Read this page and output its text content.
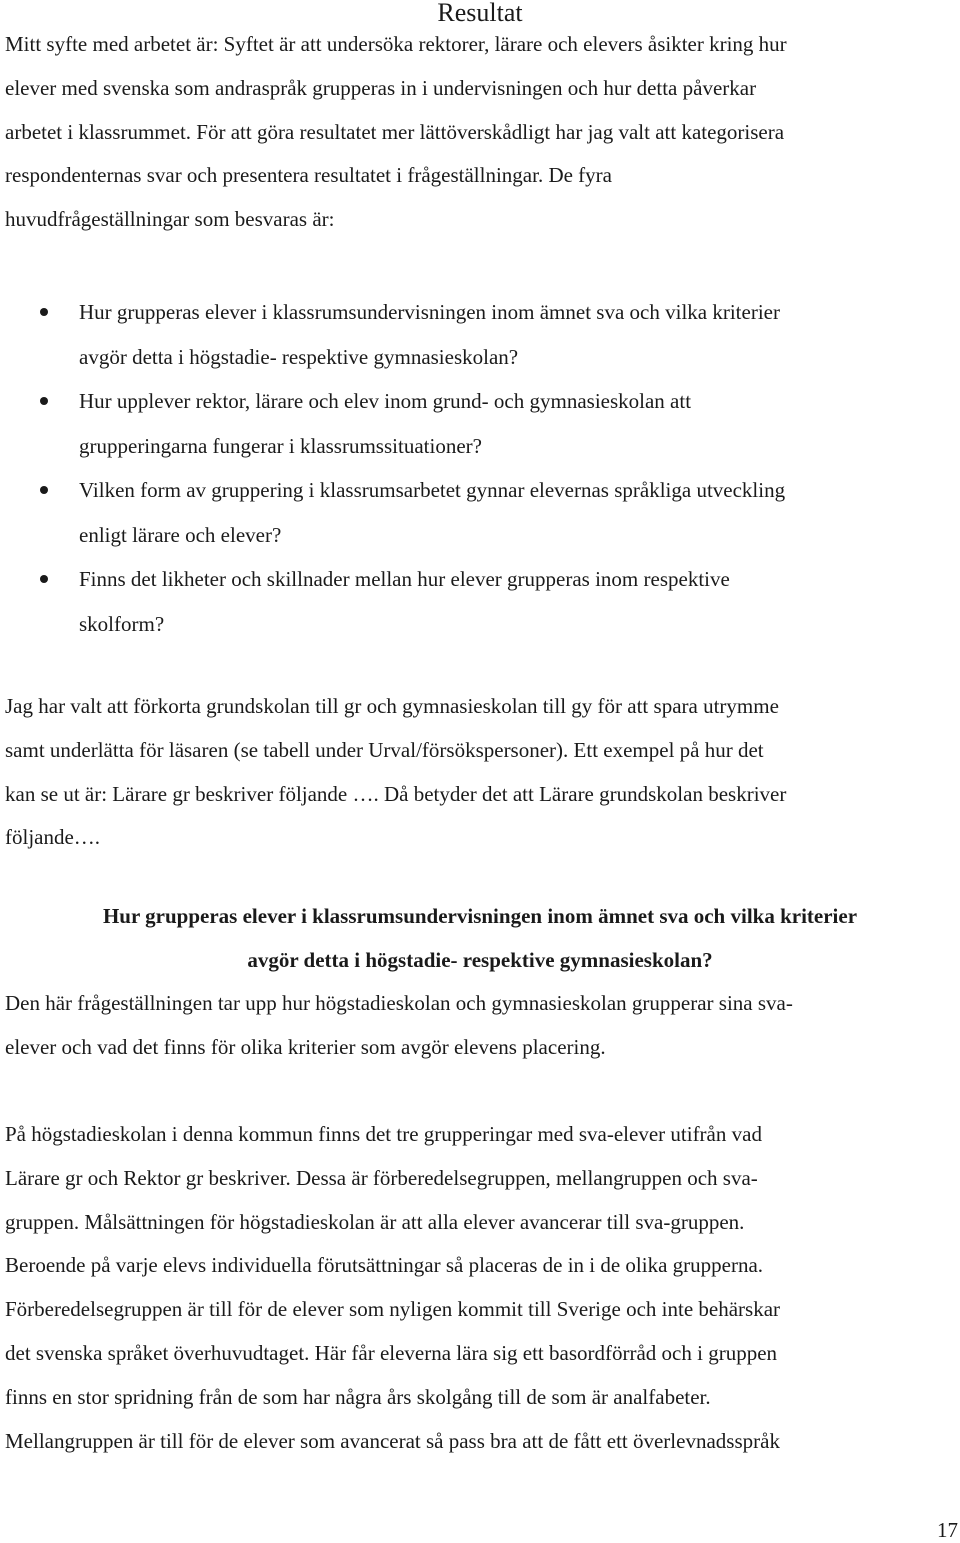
Resultat

Mitt syfte med arbetet är: Syftet är att undersöka rektorer, lärare och elevers åsikter kring hur
elever med svenska som andraspråk grupperas in i undervisningen och hur detta påverkar
arbetet i klassrummet. För att göra resultatet mer lättöverskådligt har jag valt att kategorisera
respondenternas svar och presentera resultatet i frågeställningar. De fyra
huvudfrågeställningar som besvaras är:

Hur grupperas elever i klassrumsundervisningen inom ämnet sva och vilka kriterier
avgör detta i högstadie- respektive gymnasieskolan?
Hur upplever rektor, lärare och elev inom grund- och gymnasieskolan att
grupperingarna fungerar i klassrumssituationer?
Vilken form av gruppering i klassrumsarbetet gynnar elevernas språkliga utveckling
enligt lärare och elever?
Finns det likheter och skillnader mellan hur elever grupperas inom respektive
skolform?

Jag har valt att förkorta grundskolan till gr och gymnasieskolan till gy för att spara utrymme
samt underlätta för läsaren (se tabell under Urval/försökspersoner). Ett exempel på hur det
kan se ut är: Lärare gr beskriver följande …. Då betyder det att Lärare grundskolan beskriver
följande….

Hur grupperas elever i klassrumsundervisningen inom ämnet sva och vilka kriterier
avgör detta i högstadie- respektive gymnasieskolan?

Den här frågeställningen tar upp hur högstadieskolan och gymnasieskolan grupperar sina sva-
elever och vad det finns för olika kriterier som avgör elevens placering.

På högstadieskolan i denna kommun finns det tre grupperingar med sva-elever utifrån vad
Lärare gr och Rektor gr beskriver. Dessa är förberedelsegruppen, mellangruppen och sva-
gruppen. Målsättningen för högstadieskolan är att alla elever avancerar till sva-gruppen.
Beroende på varje elevs individuella förutsättningar så placeras de in i de olika grupperna.
Förberedelsegruppen är till för de elever som nyligen kommit till Sverige och inte behärskar
det svenska språket överhuvudtaget. Här får eleverna lära sig ett basordförråd och i gruppen
finns en stor spridning från de som har några års skolgång till de som är analfabeter.
Mellangruppen är till för de elever som avancerat så pass bra att de fått ett överlevnadsspråk

17
